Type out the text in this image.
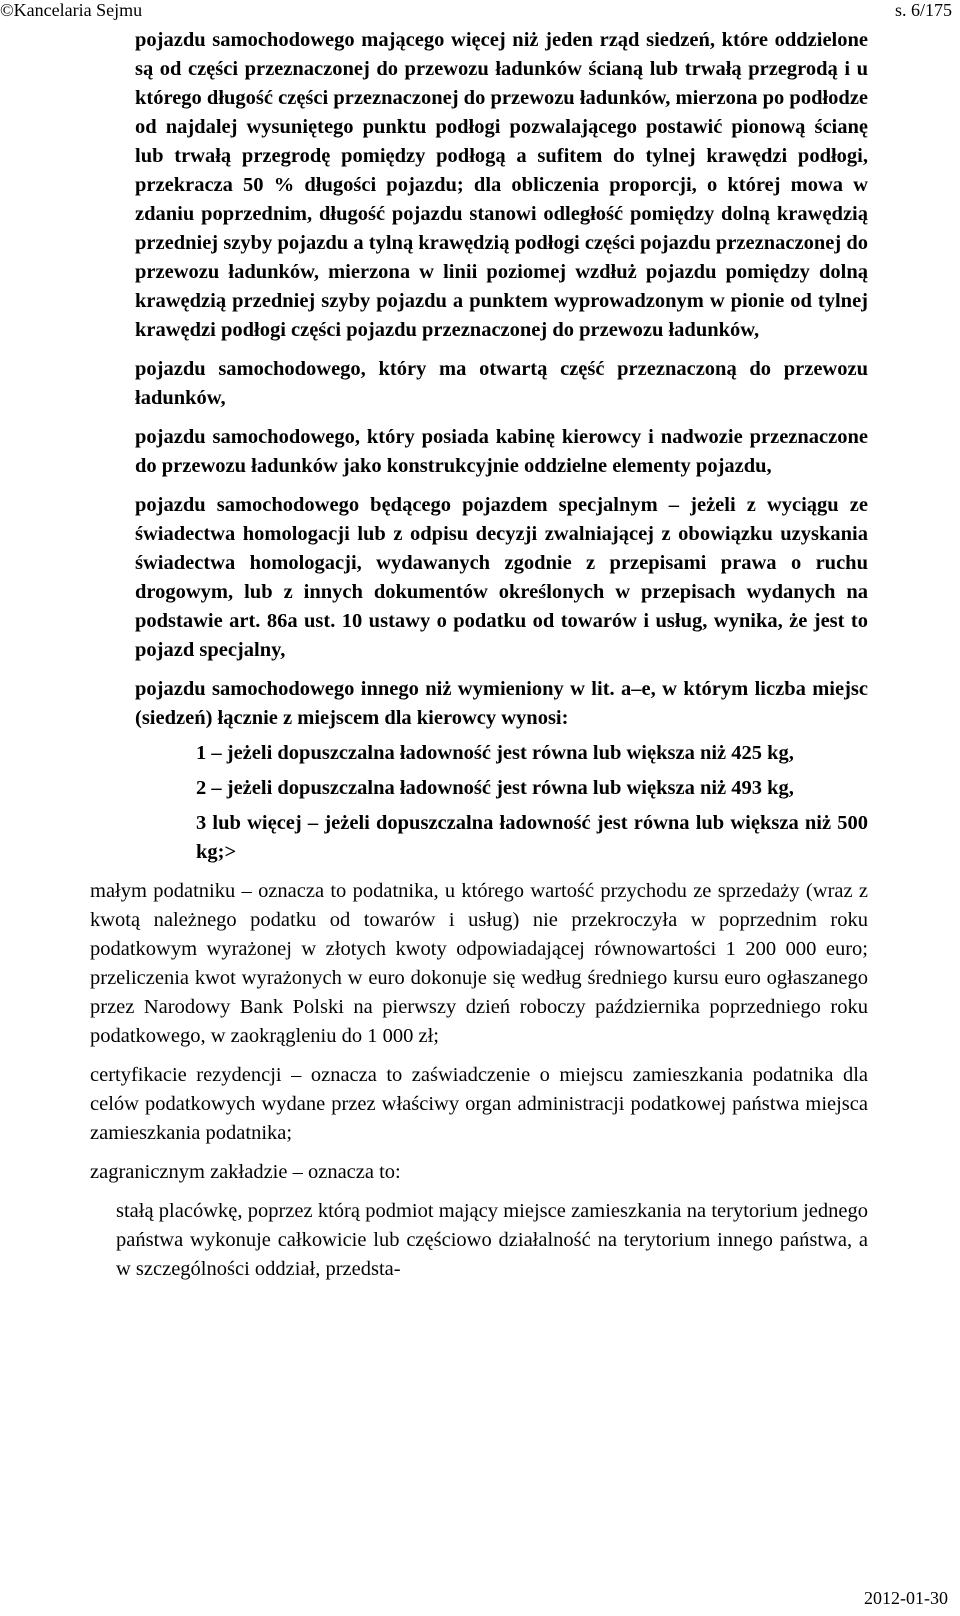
©Kancelaria Sejmu	s. 6/175

pojazdu samochodowego mającego więcej niż jeden rząd siedzeń, które oddzielone są od części przeznaczonej do przewozu ładunków ścianą lub trwałą przegrodą i u którego długość części przeznaczonej do przewozu ładunków, mierzona po podłodze od najdalej wysuniętego punktu podłogi pozwalającego postawić pionową ścianę lub trwałą przegrodę pomiędzy podłogą a sufitem do tylnej krawędzi podłogi, przekracza 50 % długości pojazdu; dla obliczenia proporcji, o której mowa w zdaniu poprzednim, długość pojazdu stanowi odległość pomiędzy dolną krawędzią przedniej szyby pojazdu a tylną krawędzią podłogi części pojazdu przeznaczonej do przewozu ładunków, mierzona w linii poziomej wzdłuż pojazdu pomiędzy dolną krawędzią przedniej szyby pojazdu a punktem wyprowadzonym w pionie od tylnej krawędzi podłogi części pojazdu przeznaczonej do przewozu ładunków,

pojazdu samochodowego, który ma otwartą część przeznaczoną do przewozu ładunków,

pojazdu samochodowego, który posiada kabinę kierowcy i nadwozie przeznaczone do przewozu ładunków jako konstrukcyjnie oddzielne elementy pojazdu,

pojazdu samochodowego będącego pojazdem specjalnym – jeżeli z wyciągu ze świadectwa homologacji lub z odpisu decyzji zwalniającej z obowiązku uzyskania świadectwa homologacji, wydawanych zgodnie z przepisami prawa o ruchu drogowym, lub z innych dokumentów określonych w przepisach wydanych na podstawie art. 86a ust. 10 ustawy o podatku od towarów i usług, wynika, że jest to pojazd specjalny,

pojazdu samochodowego innego niż wymieniony w lit. a–e, w którym liczba miejsc (siedzeń) łącznie z miejscem dla kierowcy wynosi:

1 – jeżeli dopuszczalna ładowność jest równa lub większa niż 425 kg,

2 – jeżeli dopuszczalna ładowność jest równa lub większa niż 493 kg,

3 lub więcej – jeżeli dopuszczalna ładowność jest równa lub większa niż 500 kg;>

małym podatniku – oznacza to podatnika, u którego wartość przychodu ze sprzedaży (wraz z kwotą należnego podatku od towarów i usług) nie przekroczyła w poprzednim roku podatkowym wyrażonej w złotych kwoty odpowiadającej równowartości 1 200 000 euro; przeliczenia kwot wyrażonych w euro dokonuje się według średniego kursu euro ogłaszanego przez Narodowy Bank Polski na pierwszy dzień roboczy października poprzedniego roku podatkowego, w zaokrągleniu do 1 000 zł;

certyfikacie rezydencji – oznacza to zaświadczenie o miejscu zamieszkania podatnika dla celów podatkowych wydane przez właściwy organ administracji podatkowej państwa miejsca zamieszkania podatnika;

zagranicznym zakładzie – oznacza to:

stałą placówkę, poprzez którą podmiot mający miejsce zamieszkania na terytorium jednego państwa wykonuje całkowicie lub częściowo działalność na terytorium innego państwa, a w szczególności oddział, przedsta-

2012-01-30
